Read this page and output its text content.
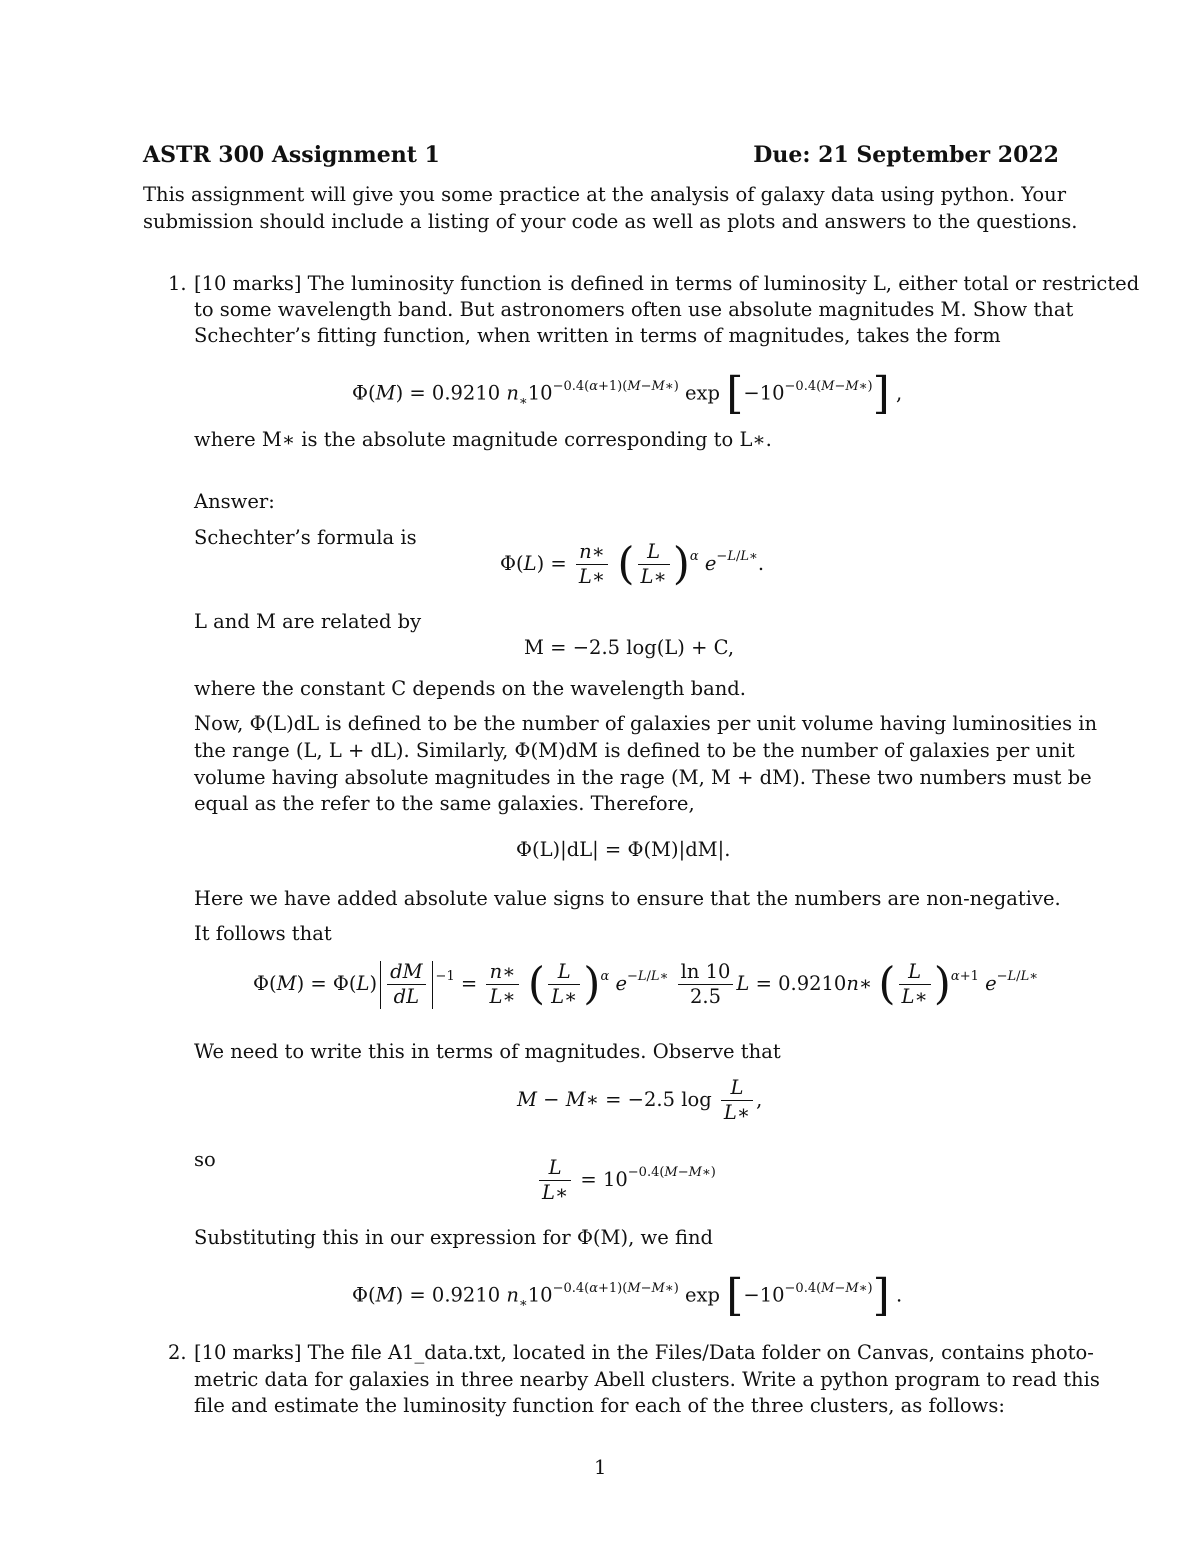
ASTR 300 Assignment 1	Due: 21 September 2022
This assignment will give you some practice at the analysis of galaxy data using python. Your
submission should include a listing of your code as well as plots and answers to the questions.
1. [10 marks] The luminosity function is defined in terms of luminosity L, either total or restricted
to some wavelength band. But astronomers often use absolute magnitudes M. Show that
Schechter’s fitting function, when written in terms of magnitudes, takes the form
Φ(M) = 0.9210 $n_∗10^{-0.4(\alpha+1)(M-M∗)}$ $\exp [-10^{-0.4(M-M∗)}]$ ,
where M∗ is the absolute magnitude corresponding to L∗.
Answer:
Schechter’s formula is
$\Phi(L) = \frac{n∗}{L∗}$ ( $\frac{L}{L∗} )^\alpha$ $e^{-L/L∗}$.
L and M are related by
M = −2.5 log(L) + C,
where the constant C depends on the wavelength band.
Now, Φ(L)dL is defined to be the number of galaxies per unit volume having luminosities in
the range (L, L + dL). Similarly, Φ(M)dM is defined to be the number of galaxies per unit
volume having absolute magnitudes in the rage (M, M + dM). These two numbers must be
equal as the refer to the same galaxies. Therefore,
Φ(L)|dL| = Φ(M)|dM|.
Here we have added absolute value signs to ensure that the numbers are non-negative.
It follows that
$\Phi(M) = \Phi(L) \frac{dM}{dL} ^{-1} = \frac{n∗}{L∗}$ ( $\frac{L}{L∗} )^\alpha$ $e^{-L/L∗} \frac{\ln 10}{2.5}$ L = 0.9210n∗ ( $\frac{L}{L∗} )^{\alpha+1}$ $e^{-L/L∗}$
We need to write this in terms of magnitudes. Observe that
M − M∗ = −2.5 $\log \frac{L}{L∗}$ ,
so	$\frac{L}{L∗} = 10^{-0.4(M-M∗)}$
Substituting this in our expression for Φ(M), we find
Φ(M) = 0.9210 $n_∗10^{-0.4(\alpha+1)(M-M∗)}$ $\exp [-10^{-0.4(M-M∗)}]$ .
2. [10 marks] The file A1_data.txt, located in the Files/Data folder on Canvas, contains photo-
metric data for galaxies in three nearby Abell clusters. Write a python program to read this
file and estimate the luminosity function for each of the three clusters, as follows:
1
